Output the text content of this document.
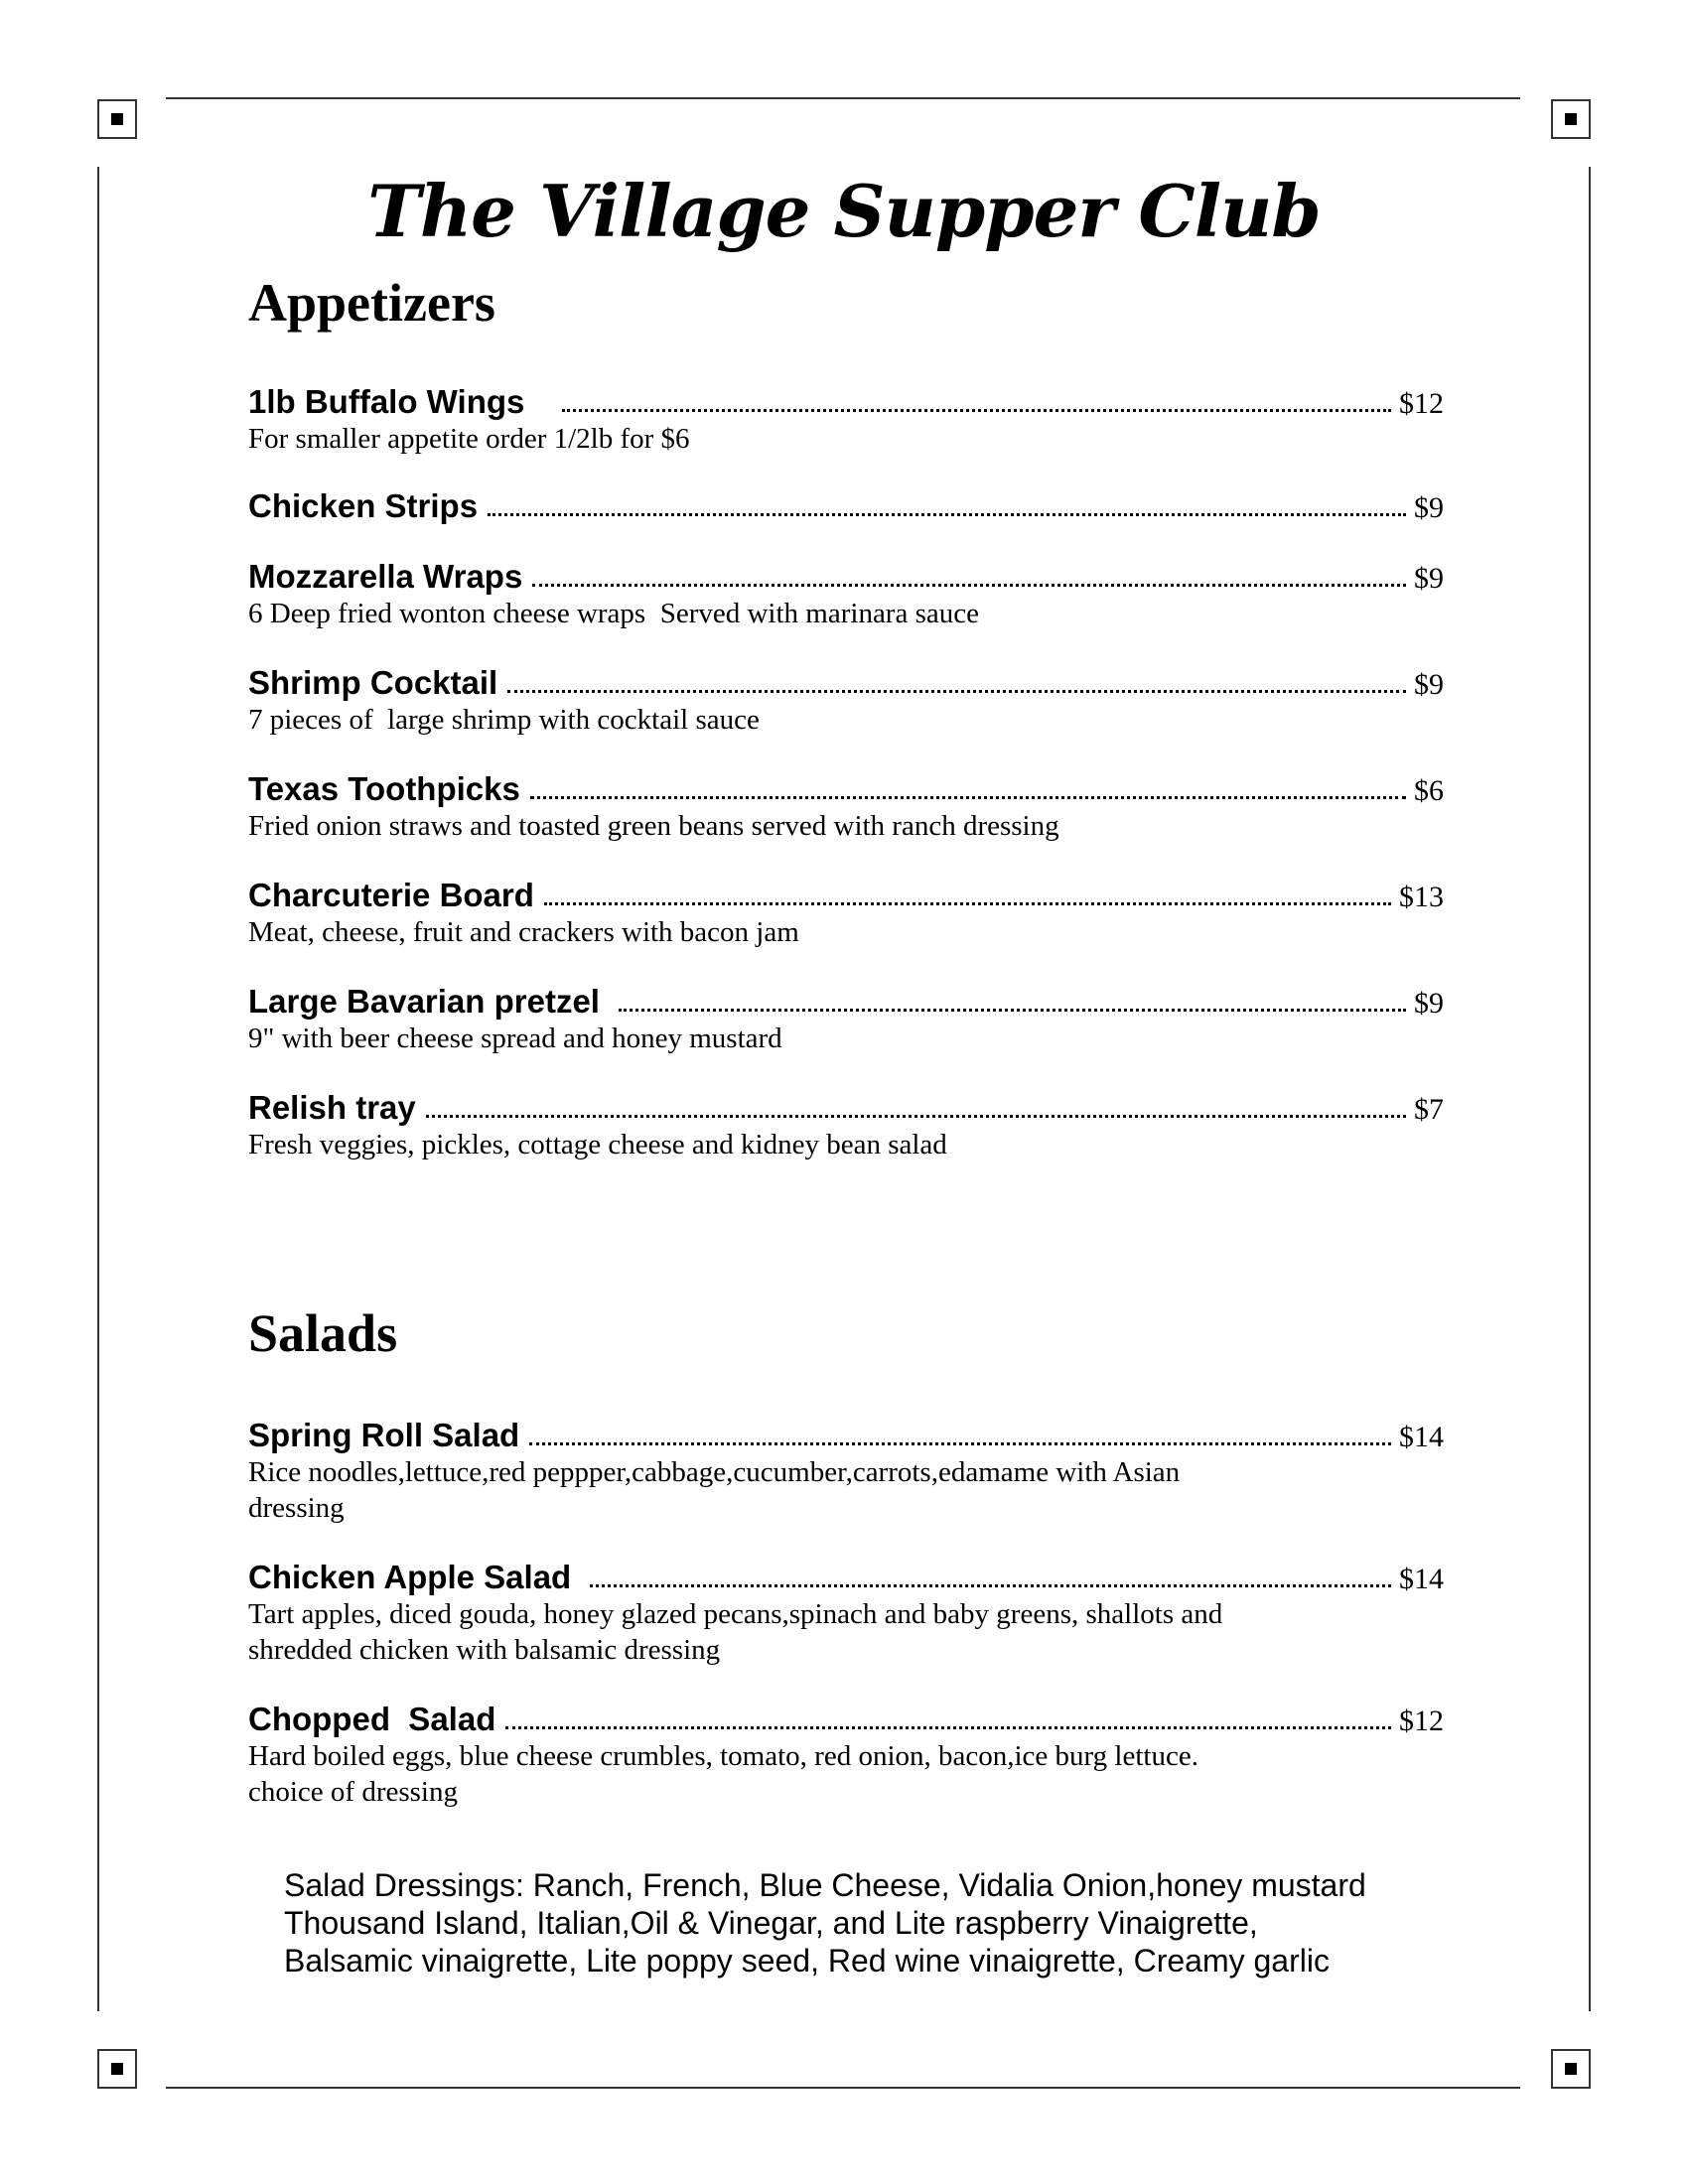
The Village Supper Club
Appetizers
1lb Buffalo Wings	$12
For smaller appetite order 1/2lb for $6
Chicken Strips	$9
Mozzarella Wraps	$9
6 Deep fried wonton cheese wraps  Served with marinara sauce
Shrimp Cocktail	$9
7 pieces of  large shrimp with cocktail sauce
Texas Toothpicks	$6
Fried onion straws and toasted green beans served with ranch dressing
Charcuterie Board	$13
Meat, cheese, fruit and crackers with bacon jam
Large Bavarian pretzel	$9
9" with beer cheese spread and honey mustard
Relish tray	$7
Fresh veggies, pickles, cottage cheese and kidney bean salad
Salads
Spring Roll Salad	$14
Rice noodles,lettuce,red peppper,cabbage,cucumber,carrots,edamame with Asian
dressing
Chicken Apple Salad	$14
Tart apples, diced gouda, honey glazed pecans,spinach and baby greens, shallots and
shredded chicken with balsamic dressing
Chopped  Salad	$12
Hard boiled eggs, blue cheese crumbles, tomato, red onion, bacon,ice burg lettuce.
choice of dressing
Salad Dressings: Ranch, French, Blue Cheese, Vidalia Onion,honey mustard
Thousand Island, Italian,Oil & Vinegar, and Lite raspberry Vinaigrette,
Balsamic vinaigrette, Lite poppy seed, Red wine vinaigrette, Creamy garlic
